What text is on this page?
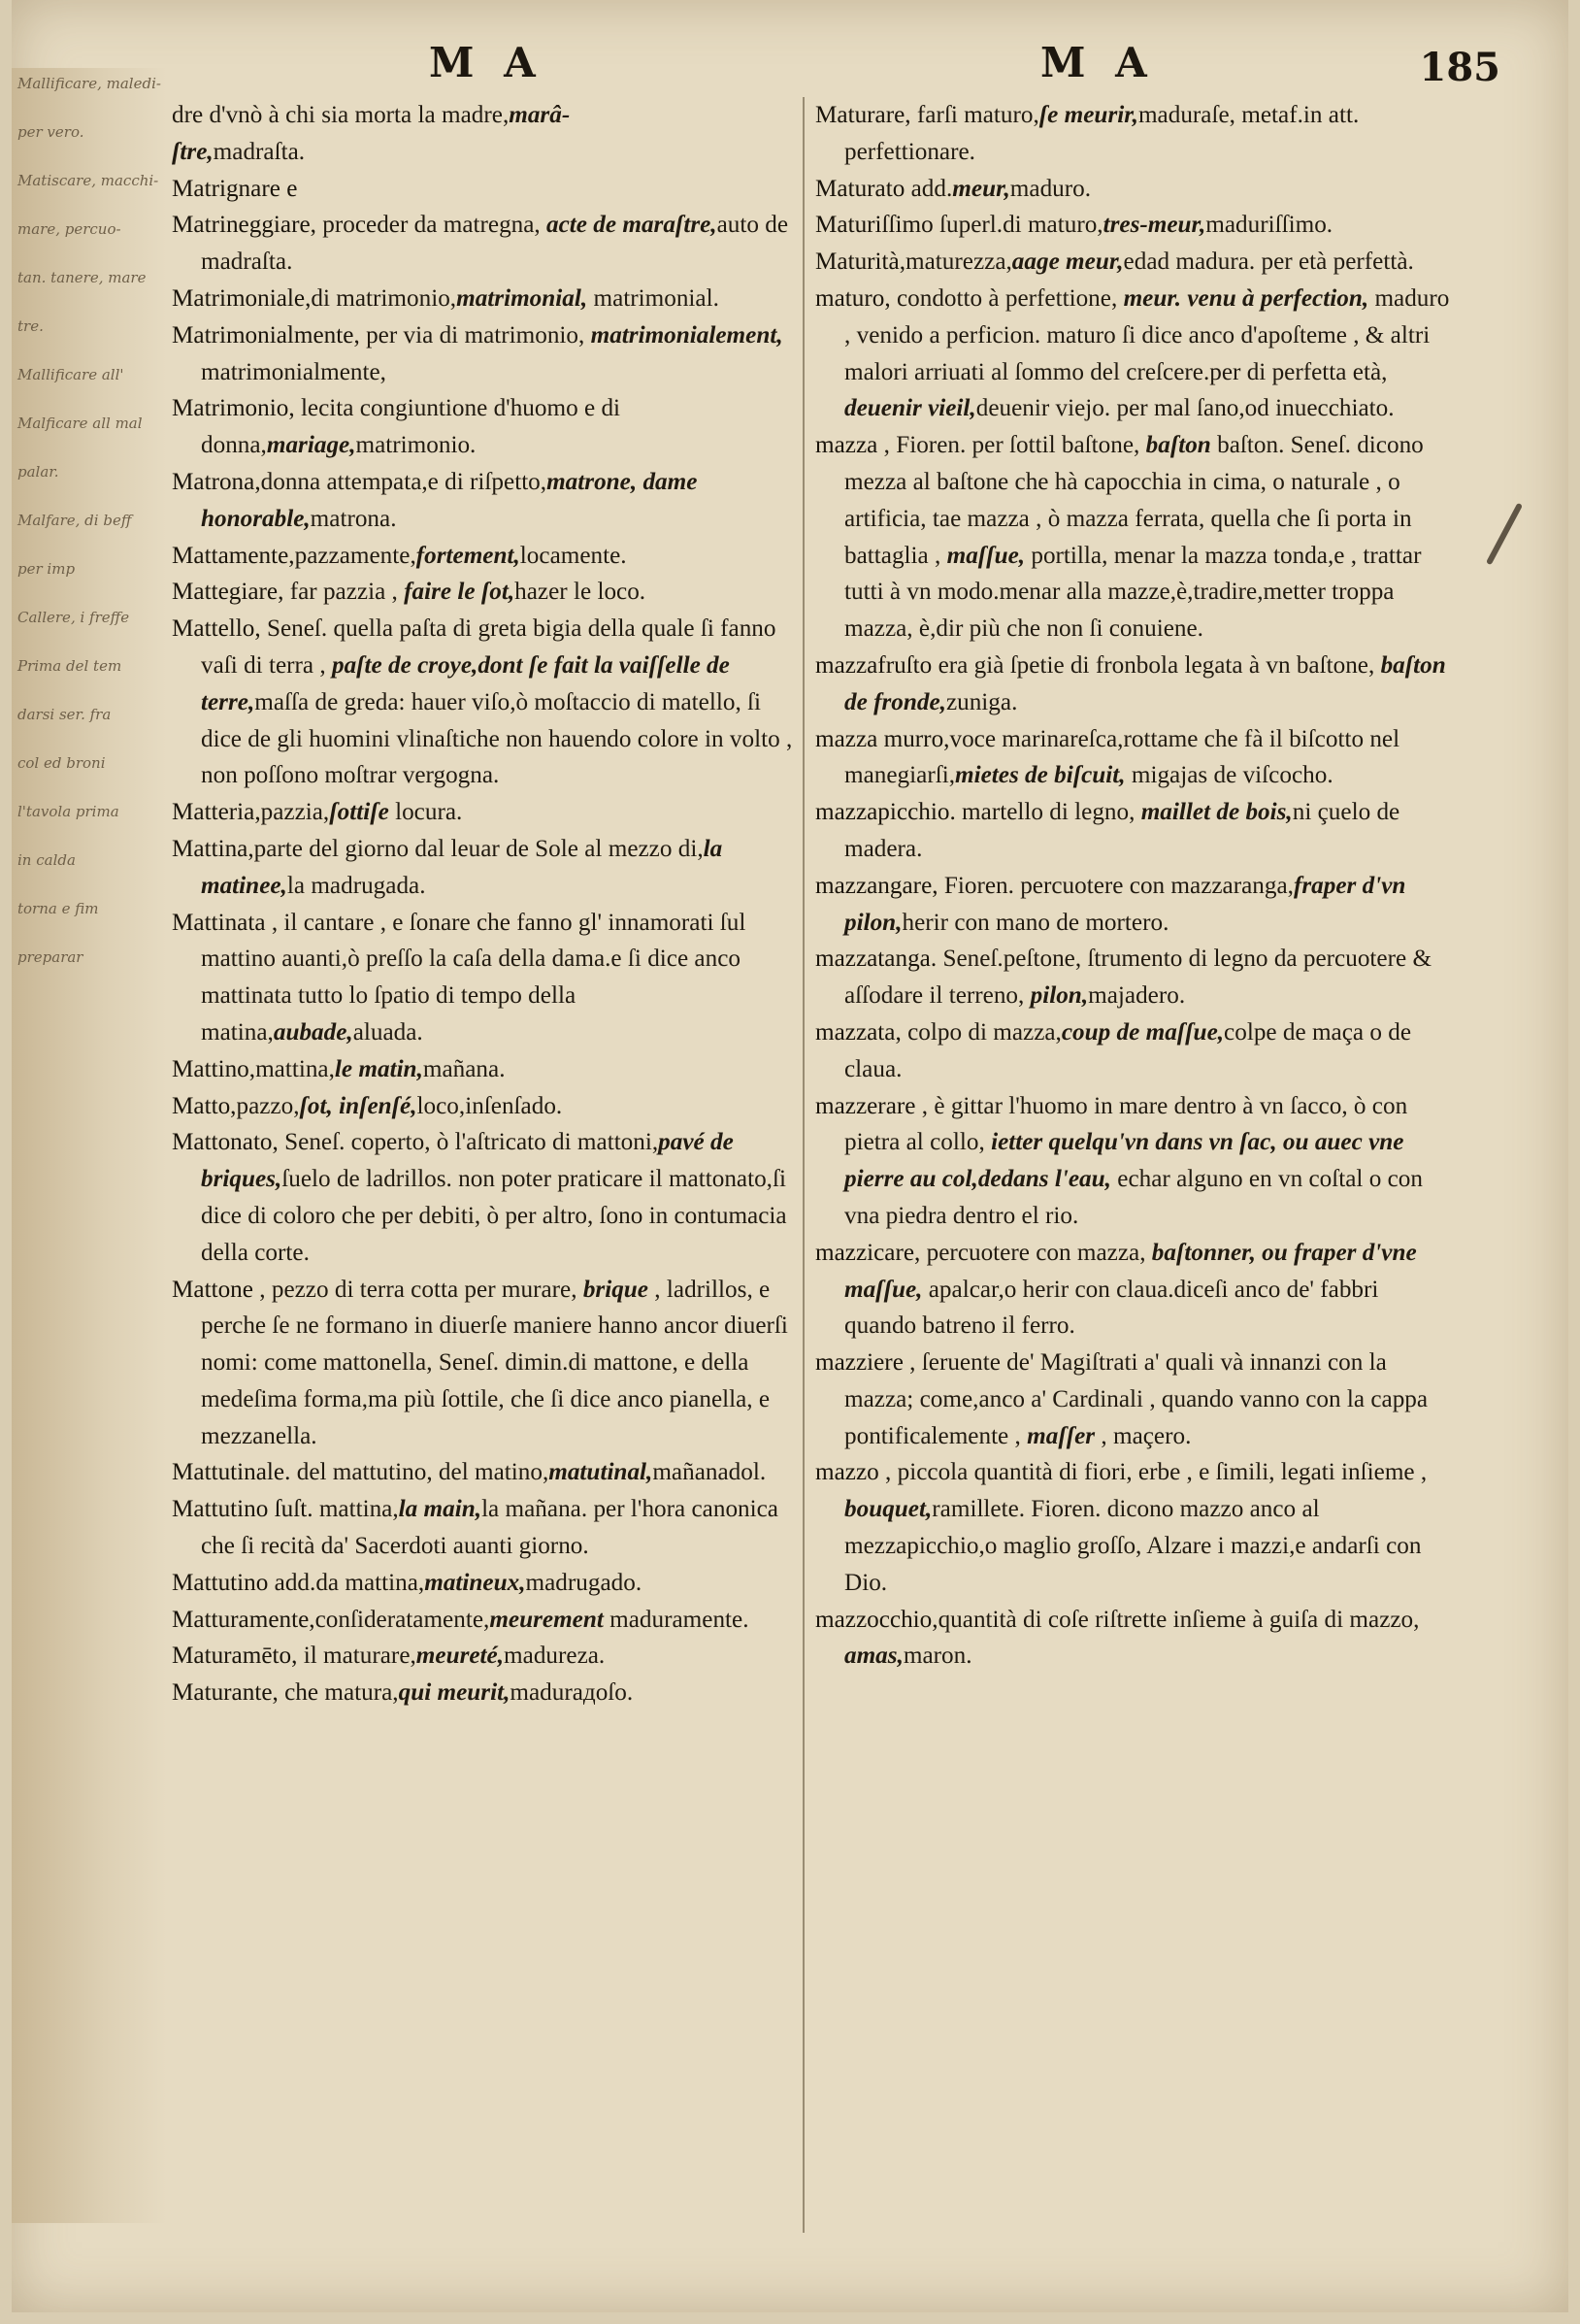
Mallificare, maledi-
per vero.
Matiscare, macchi-
mare, percuo-
tan. tanere, mare
tre.
Mallificare all'
Malficare all mal
palar.
Malfare, di beff
per imp
Callere, i freffe
Prima del tem
darsi ser. fra
col ed broni
l'tavola prima
in calda
torna e fim
preparar
M A	M A	185

dre d'vnò à chi sia morta la madre,marâ-

ſtre,madraſta.

Matrignare e

Matrineggiare, proceder da matregna, acte de maraſtre,auto de madraſta.

Matrimoniale,di matrimonio,matrimonial, matrimonial.

Matrimonialmente, per via di matrimonio, matrimonialement, matrimonialmente,

Matrimonio, lecita congiuntione d'huomo e di donna,mariage,matrimonio.

Matrona,donna attempata,e di riſpetto,matrone, dame honorable,matrona.

Mattamente,pazzamente,fortement,locamente.

Mattegiare, far pazzia , faire le ſot,hazer le loco.

Mattello, Seneſ. quella paſta di greta bigia della quale ſi fanno vaſi di terra , paſte de croye,dont ſe fait la vaiſſelle de terre,maſſa de greda: hauer viſo,ò moſtaccio di matello, ſi dice de gli huomini vlinaſtiche non hauendo colore in volto , non poſſono moſtrar vergogna.

Matteria,pazzia,ſottiſe locura.

Mattina,parte del giorno dal leuar de Sole al mezzo di,la matinee,la madrugada.

Mattinata , il cantare , e ſonare che fanno gl' innamorati ſul mattino auanti,ò preſſo la caſa della dama.e ſi dice anco mattinata tutto lo ſpatio di tempo della matina,aubade,aluada.

Mattino,mattina,le matin,mañana.

Matto,pazzo,ſot, inſenſé,loco,inſenſado.

Mattonato, Seneſ. coperto, ò l'aſtricato di mattoni,pavé de briques,ſuelo de ladrillos. non poter praticare il mattonato,ſi dice di coloro che per debiti, ò per altro, ſono in contumacia della corte.

Mattone , pezzo di terra cotta per murare, brique , ladrillos, e perche ſe ne formano in diuerſe maniere hanno ancor diuerſi nomi: come mattonella, Seneſ. dimin.di mattone, e della medeſima forma,ma più ſottile, che ſi dice anco pianella, e mezzanella.

Mattutinale. del mattutino, del matino,matutinal,mañanadol.

Mattutino ſuſt. mattina,la main,la mañana. per l'hora canonica che ſi recità da' Sacerdoti auanti giorno.

Mattutino add.da mattina,matineux,madrugado.

Matturamente,conſideratamente,meurement maduramente.

Maturamēto, il maturare,meureté,madureza.

Maturante, che matura,qui meurit,madurадоſo.

Maturare, farſi maturo,ſe meurir,maduraſe, metaf.in att. perfettionare.

Maturato add.meur,maduro.

Maturiſſimo ſuperl.di maturo,tres-meur,maduriſſimo.

Maturità,maturezza,aage meur,edad madura. per età perfettà.

maturo, condotto à perfettione, meur. venu à perfection, maduro , venido a perficion. maturo ſi dice anco d'apoſteme , & altri malori arriuati al ſommo del creſcere.per di perfetta età, deuenir vieil,deuenir viejo. per mal ſano,od inuecchiato.

mazza , Fioren. per ſottil baſtone, baſton baſton. Seneſ. dicono mezza al baſtone che hà capocchia in cima, o naturale , o artificia, tae mazza , ò mazza ferrata, quella che ſi porta in battaglia , maſſue, portilla, menar la mazza tonda,e , trattar tutti à vn modo.menar alla mazze,è,tradire,metter troppa mazza, è,dir più che non ſi conuiene.

mazzafruſto era già ſpetie di fronbola legata à vn baſtone, baſton de fronde,zuniga.

mazza murro,voce marinareſca,rottame che fà il biſcotto nel manegiarſi,mietes de biſcuit, migajas de viſcocho.

mazzapicchio. martello di legno, maillet de bois,ni çuelo de madera.

mazzangare, Fioren. percuotere con mazzaranga,fraper d'vn pilon,herir con mano de mortero.

mazzatanga. Seneſ.peſtone, ſtrumento di legno da percuotere & aſſodare il terreno, pilon,majadero.

mazzata, colpo di mazza,coup de maſſue,colpe de maça o de claua.

mazzerare , è gittar l'huomo in mare dentro à vn ſacco, ò con pietra al collo, ietter quelqu'vn dans vn ſac, ou auec vne pierre au col,dedans l'eau, echar alguno en vn coſtal o con vna piedra dentro el rio.

mazzicare, percuotere con mazza, baſtonner, ou fraper d'vne maſſue, apalcar,o herir con claua.diceſi anco de' fabbri quando batreno il ferro.

mazziere , ſeruente de' Magiſtrati a' quali và innanzi con la mazza; come,anco a' Cardinali , quando vanno con la cappa pontificalemente , maſſer , maçero.

mazzo , piccola quantità di fiori, erbe , e ſimili, legati inſieme , bouquet,ramillete. Fioren. dicono mazzo anco al mezzapicchio,o maglio groſſo, Alzare i mazzi,e andarſi con Dio.

mazzocchio,quantità di coſe riſtrette inſieme à guiſa di mazzo, amas,maron.
